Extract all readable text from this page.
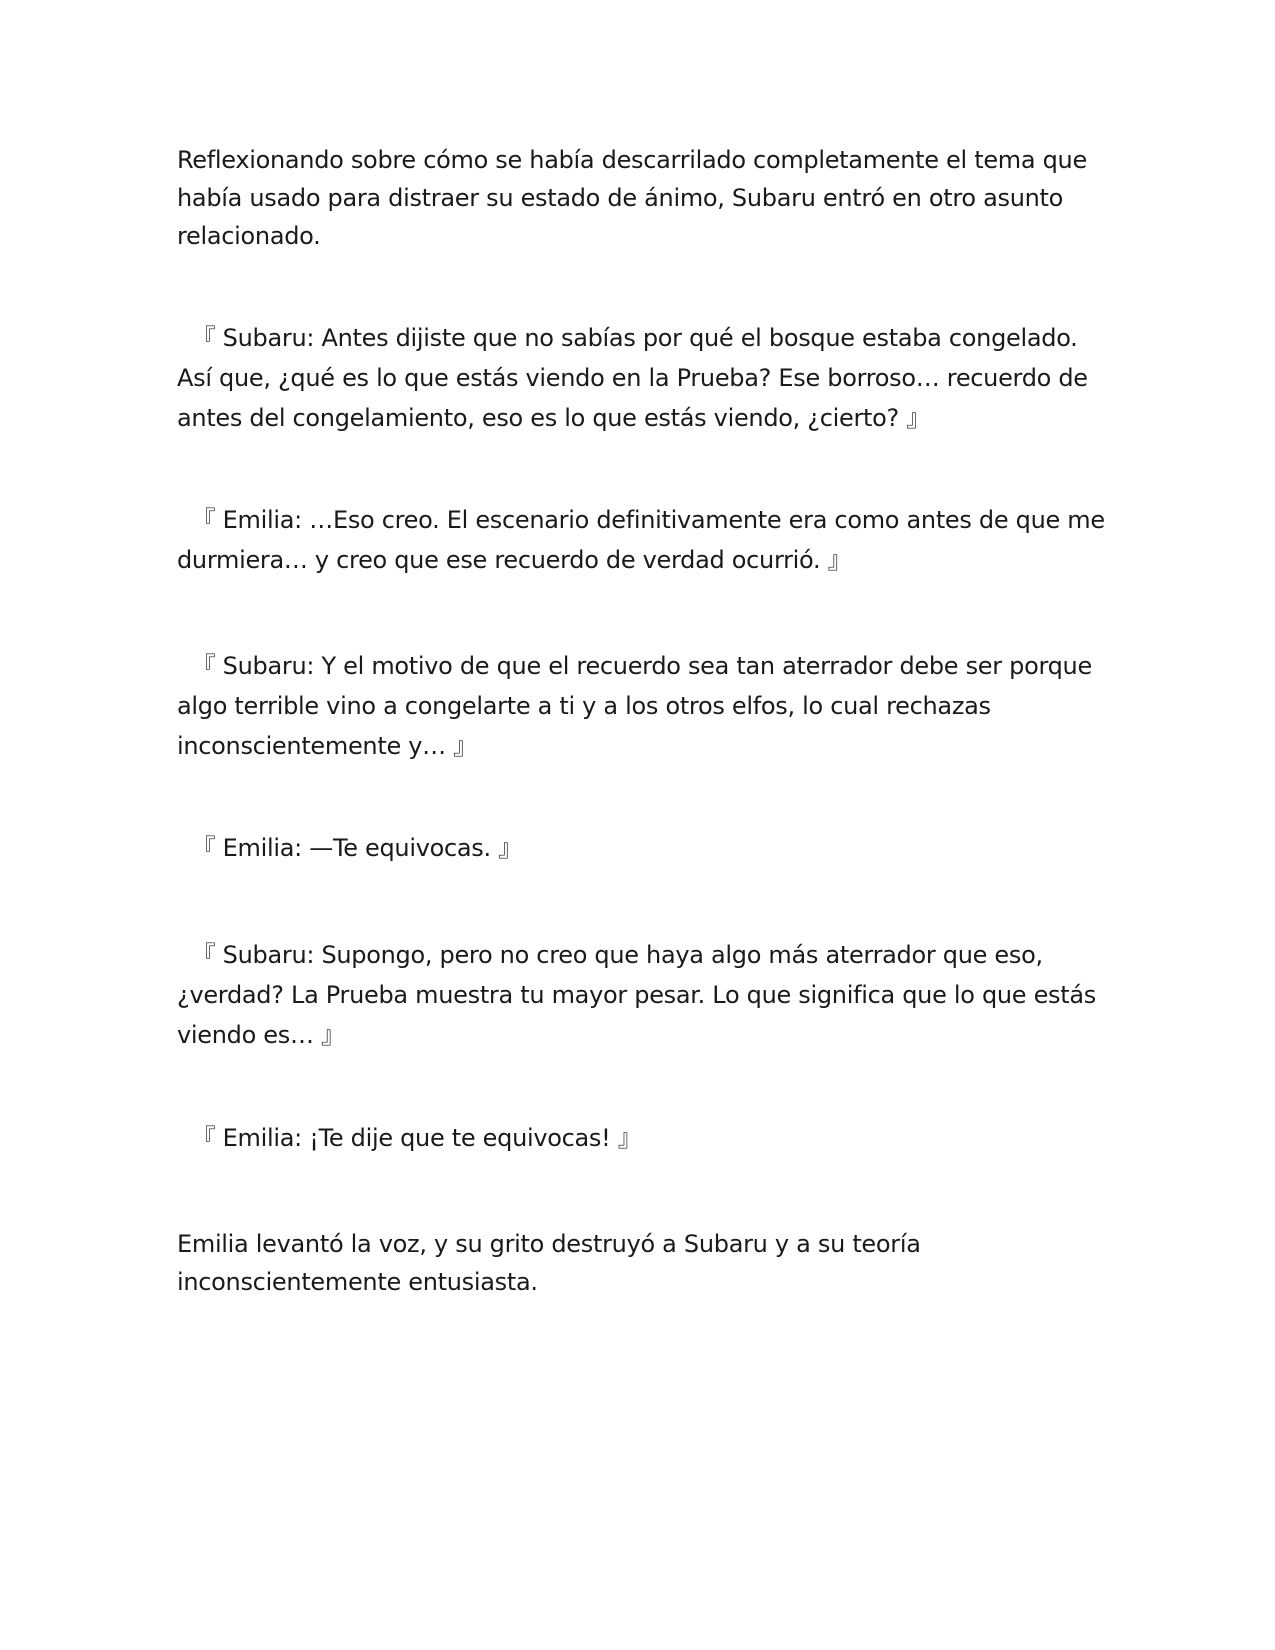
Reflexionando sobre cómo se había descarrilado completamente el tema que
había usado para distraer su estado de ánimo, Subaru entró en otro asunto
relacionado.

『 Subaru: Antes dijiste que no sabías por qué el bosque estaba congelado.
Así que, ¿qué es lo que estás viendo en la Prueba? Ese borroso… recuerdo de
antes del congelamiento, eso es lo que estás viendo, ¿cierto? 』

『 Emilia: …Eso creo. El escenario definitivamente era como antes de que me
durmiera… y creo que ese recuerdo de verdad ocurrió. 』

『 Subaru: Y el motivo de que el recuerdo sea tan aterrador debe ser porque
algo terrible vino a congelarte a ti y a los otros elfos, lo cual rechazas
inconscientemente y… 』

『 Emilia: —Te equivocas. 』

『 Subaru: Supongo, pero no creo que haya algo más aterrador que eso,
¿verdad? La Prueba muestra tu mayor pesar. Lo que significa que lo que estás
viendo es… 』

『 Emilia: ¡Te dije que te equivocas! 』

Emilia levantó la voz, y su grito destruyó a Subaru y a su teoría
inconscientemente entusiasta.
